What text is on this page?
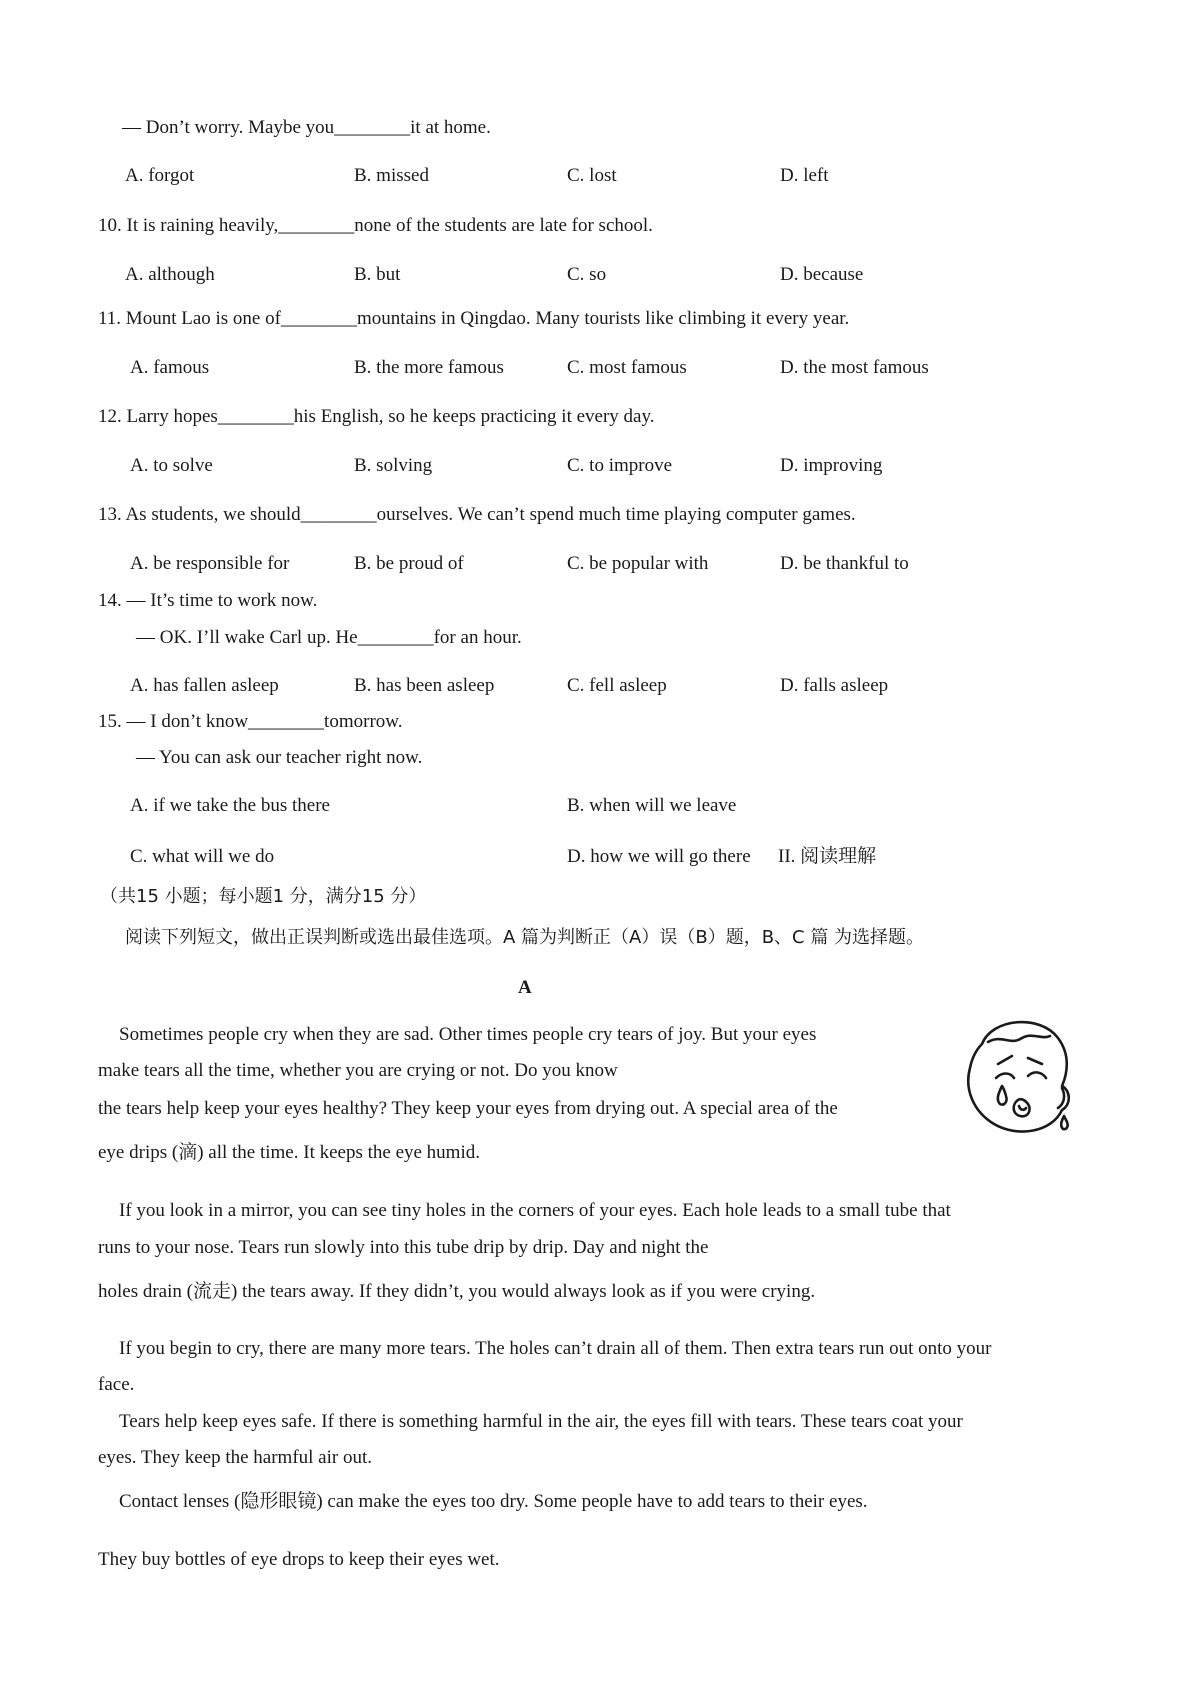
— Don’t worry. Maybe you________it at home.
A. forgot	B. missed	C. lost	D. left
10. It is raining heavily,________none of the students are late for school.
A. although	B. but	C. so	D. because
11. Mount Lao is one of________mountains in Qingdao. Many tourists like climbing it every year.
A. famous	B. the more famous	C. most famous	D. the most famous
12. Larry hopes________his English, so he keeps practicing it every day.
A. to solve	B. solving	C. to improve	D. improving
13. As students, we should________ourselves. We can’t spend much time playing computer games.
A. be responsible for	B. be proud of	C. be popular with	D. be thankful to
14. — It’s time to work now.
— OK. I’ll wake Carl up. He________for an hour.
A. has fallen asleep	B. has been asleep	C. fell asleep	D. falls asleep
15. — I don’t know________tomorrow.
— You can ask our teacher right now.
A. if we take the bus there	B. when will we leave
C. what will we do	D. how we will go there II. 阅读理解
（共15 小题；每小题1 分，满分15 分）
阅读下列短文，做出正误判断或选出最佳选项。A 篇为判断正（A）误（B）题，B、C 篇 为选择题。
A
Sometimes people cry when they are sad. Other times people cry tears of joy. But your eyes
make tears all the time, whether you are crying or not. Do you know
the tears help keep your eyes healthy? They keep your eyes from drying out. A special area of the
eye drips (滴) all the time. It keeps the eye humid.
If you look in a mirror, you can see tiny holes in the corners of your eyes. Each hole leads to a small tube that
runs to your nose. Tears run slowly into this tube drip by drip. Day and night the
holes drain (流走) the tears away. If they didn’t, you would always look as if you were crying.
If you begin to cry, there are many more tears. The holes can’t drain all of them. Then extra tears run out onto your
face.
Tears help keep eyes safe. If there is something harmful in the air, the eyes fill with tears. These tears coat your
eyes. They keep the harmful air out.
Contact lenses (隐形眼镜) can make the eyes too dry. Some people have to add tears to their eyes.
They buy bottles of eye drops to keep their eyes wet.
